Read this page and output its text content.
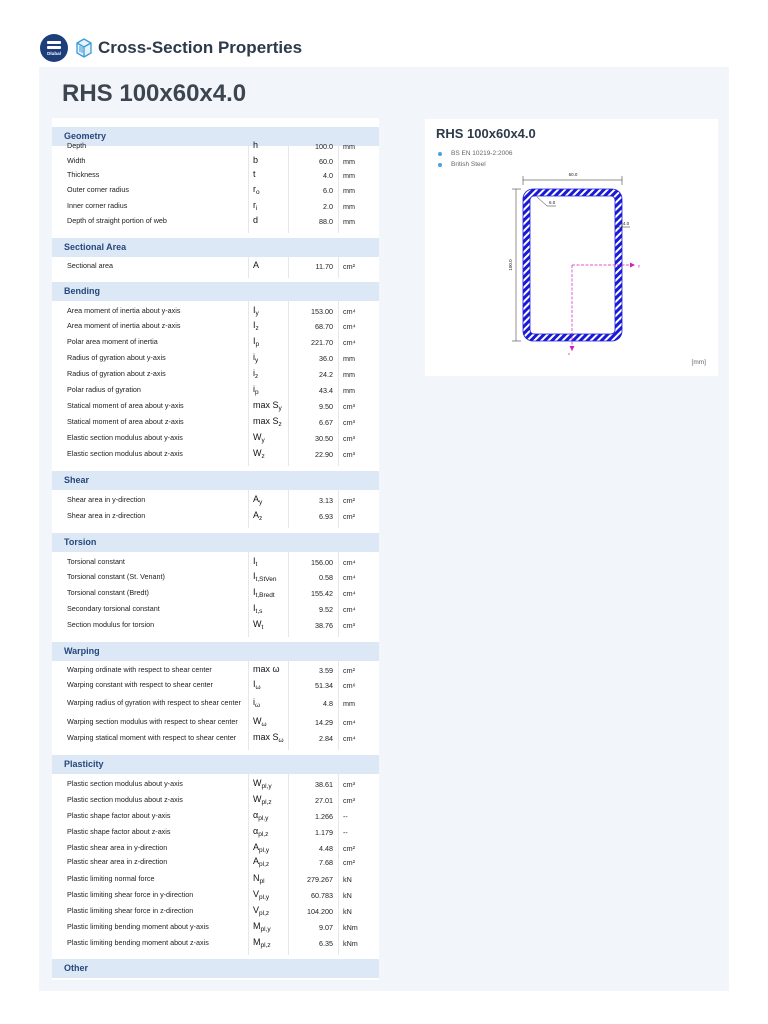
Dlubal Cross-Section Properties
RHS 100x60x4.0
Geometry
Depth	h	100.0	mm
Width	b	60.0	mm
Thickness	t	4.0	mm
Outer corner radius	$r_o$	6.0	mm
Inner corner radius	$r_i$	2.0	mm
Depth of straight portion of web	d	88.0	mm
Sectional Area
Sectional area	A	11.70	cm²
Bending
Area moment of inertia about y-axis	$I_y$	153.00	cm⁴
Area moment of inertia about z-axis	$I_z$	68.70	cm⁴
Polar area moment of inertia	$I_p$	221.70	cm⁴
Radius of gyration about y-axis	$i_y$	36.0	mm
Radius of gyration about z-axis	$i_z$	24.2	mm
Polar radius of gyration	$i_p$	43.4	mm
Statical moment of area about y-axis	$\max S_y$	9.50	cm³
Statical moment of area about z-axis	$\max S_z$	6.67	cm³
Elastic section modulus about y-axis	$W_y$	30.50	cm³
Elastic section modulus about z-axis	$W_z$	22.90	cm³
Shear
Shear area in y-direction	$A_y$	3.13	cm²
Shear area in z-direction	$A_z$	6.93	cm²
Torsion
Torsional constant	$I_t$	156.00	cm⁴
Torsional constant (St. Venant)	$I_{t,StVen}$	0.58	cm⁴
Torsional constant (Bredt)	$I_{t,Bredt}$	155.42	cm⁴
Secondary torsional constant	$I_{t,s}$	9.52	cm⁴
Section modulus for torsion	$W_t$	38.76	cm³
Warping
Warping ordinate with respect to shear center	max ω	3.59	cm²
Warping constant with respect to shear center	$I_\omega$	51.34	cm⁶
Warping radius of gyration with respect to shear center	$i_\omega$	4.8	mm
Warping section modulus with respect to shear center	$W_\omega$	14.29	cm⁴
Warping statical moment with respect to shear center	$\max S_\omega$	2.84	cm⁴
Plasticity
Plastic section modulus about y-axis	$W_{pl,y}$	38.61	cm³
Plastic section modulus about z-axis	$W_{pl,z}$	27.01	cm³
Plastic shape factor about y-axis	$\alpha_{pl,y}$	1.266	--
Plastic shape factor about z-axis	$\alpha_{pl,z}$	1.179	--
Plastic shear area in y-direction	$A_{pl,y}$	4.48	cm²
Plastic shear area in z-direction	$A_{pl,z}$	7.68	cm²
Plastic limiting normal force	$N_{pl}$	279.267	kN
Plastic limiting shear force in y-direction	$V_{pl,y}$	60.783	kN
Plastic limiting shear force in z-direction	$V_{pl,z}$	104.200	kN
Plastic limiting bending moment about y-axis	$M_{pl,y}$	9.07	kNm
Plastic limiting bending moment about z-axis	$M_{pl,z}$	6.35	kNm
Other
y
z
60.0
100.0
4.0
6.0
RHS 100x60x4.0
BS EN 10219-2:2006
British Steel
[mm]
